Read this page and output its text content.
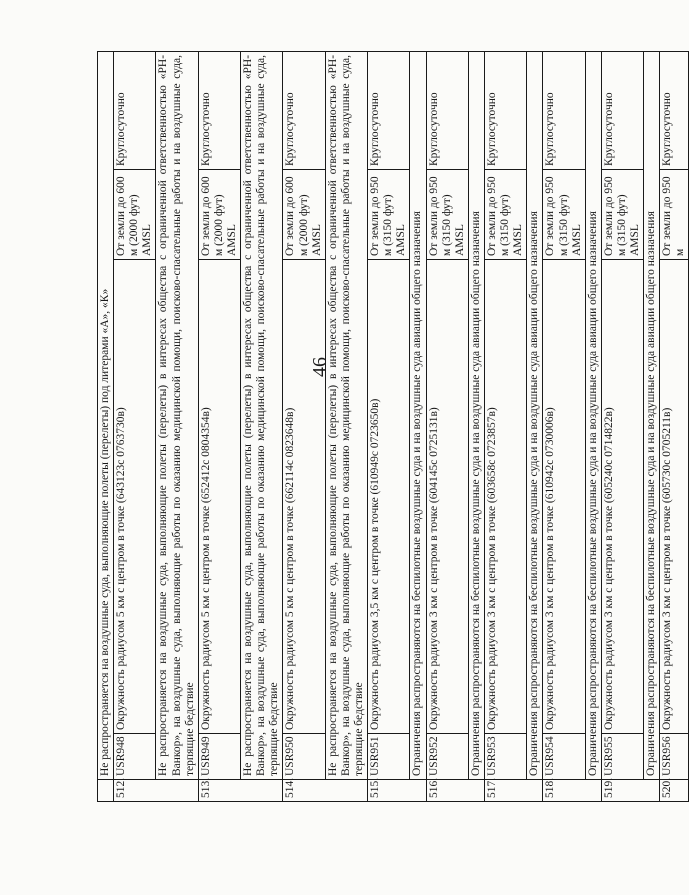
46
	Не распространяется на воздушные суда, выполняющие полеты (перелеты) под литерами «А», «К»			
512.	USR948	Окружность радиусом 5 км с центром в точке (643123с 0763730в)	От земли до 600 м (2000 фут) AMSL	Круглосуточно
	Не распространяется на воздушные суда, выполняющие полеты (перелеты) в интересах общества с ограниченной ответственностью «РН-Ванкор», на воздушные суда, выполняющие работы по оказанию медицинской помощи, поисково-спасательные работы и на воздушные суда, терпящие бедствие			
513.	USR949	Окружность радиусом 5 км с центром в точке (652412с 0804354в)	От земли до 600 м (2000 фут) AMSL	Круглосуточно
	Не распространяется на воздушные суда, выполняющие полеты (перелеты) в интересах общества с ограниченной ответственностью «РН-Ванкор», на воздушные суда, выполняющие работы по оказанию медицинской помощи, поисково-спасательные работы и на воздушные суда, терпящие бедствие			
514.	USR950	Окружность радиусом 5 км с центром в точке (662114с 0823648в)	От земли до 600 м (2000 фут) AMSL	Круглосуточно
	Не распространяется на воздушные суда, выполняющие полеты (перелеты) в интересах общества с ограниченной ответственностью «РН-Ванкор», на воздушные суда, выполняющие работы по оказанию медицинской помощи, поисково-спасательные работы и на воздушные суда, терпящие бедствие			
515.	USR951	Окружность радиусом 3,5 км с центром в точке (610949с 0723650в)	От земли до 950 м (3150 фут) AMSL	Круглосуточно
	Ограничения распространяются на беспилотные воздушные суда и на воздушные суда авиации общего назначения			
516.	USR952	Окружность радиусом 3 км с центром в точке (604145с 0725131в)	От земли до 950 м (3150 фут) AMSL	Круглосуточно
	Ограничения распространяются на беспилотные воздушные суда и на воздушные суда авиации общего назначения			
517.	USR953	Окружность радиусом 3 км с центром в точке (603658с 0723857в)	От земли до 950 м (3150 фут) AMSL	Круглосуточно
	Ограничения распространяются на беспилотные воздушные суда и на воздушные суда авиации общего назначения			
518.	USR954	Окружность радиусом 3 км с центром в точке (610942с 0730006в)	От земли до 950 м (3150 фут) AMSL	Круглосуточно
	Ограничения распространяются на беспилотные воздушные суда и на воздушные суда авиации общего назначения			
519.	USR955	Окружность радиусом 3 км с центром в точке (605240с 0714822в)	От земли до 950 м (3150 фут) AMSL	Круглосуточно
	Ограничения распространяются на беспилотные воздушные суда и на воздушные суда авиации общего назначения			
520.	USR956	Окружность радиусом 3 км с центром в точке (605730с 0705211в)	От земли до 950 м	Круглосуточно
